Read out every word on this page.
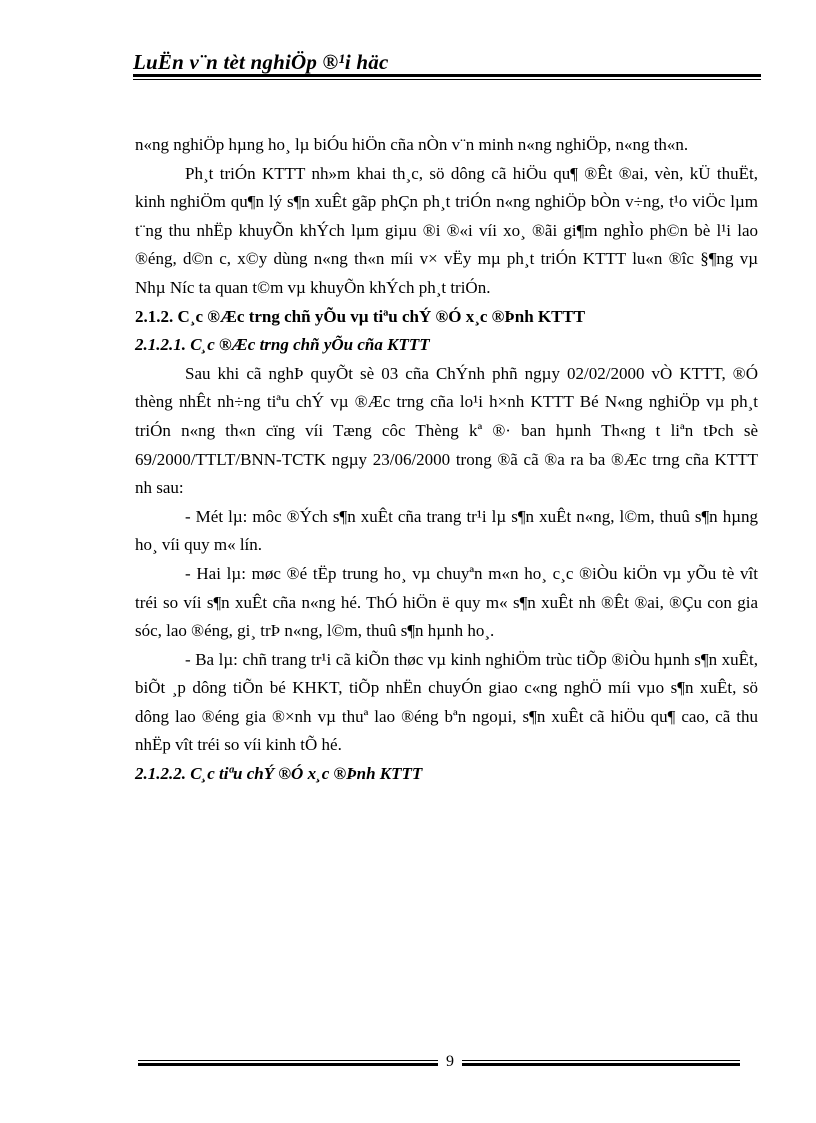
LuËn v¨n tèt nghiÖp ®¹i häc

n«ng nghiÖp hµng ho¸ lµ biÓu hiÖn cña nÒn v¨n minh n«ng nghiÖp, n«ng th«n.

Ph¸t triÓn KTTT nh»m khai th¸c, sö dông cã hiÖu qu¶ ®Êt ®ai, vèn, kÜ thuËt, kinh nghiÖm qu¶n lý s¶n xuÊt gãp phÇn ph¸t triÓn n«ng nghiÖp bÒn v÷ng, t¹o viÖc lµm t¨ng thu nhËp khuyÕn khÝch lµm giµu ®i ®«i víi xo¸ ®ãi gi¶m nghÌo ph©n bè l¹i lao ®éng, d©n c, x©y dùng n«ng th«n míi v× vËy mµ ph¸t triÓn KTTT lu«n ®îc §¶ng vµ Nhµ Níc ta quan t©m vµ khuyÕn khÝch ph¸t triÓn.

2.1.2. C¸c ®Æc trng chñ yÕu vµ tiªu chÝ ®Ó x¸c ®Þnh KTTT

2.1.2.1. C¸c ®Æc trng chñ yÕu cña KTTT

Sau khi cã nghÞ quyÕt sè 03 cña ChÝnh phñ ngµy 02/02/2000 vÒ KTTT, ®Ó thèng nhÊt nh÷ng tiªu chÝ vµ ®Æc trng cña lo¹i h×nh KTTT Bé N«ng nghiÖp vµ ph¸t triÓn n«ng th«n cïng víi Tæng côc Thèng kª ®· ban hµnh Th«ng t liªn tÞch sè 69/2000/TTLT/BNN-TCTK ngµy 23/06/2000 trong ®ã cã ®a ra ba ®Æc trng cña KTTT nh sau:

- Mét lµ: môc ®Ých s¶n xuÊt cña trang tr¹i lµ s¶n xuÊt n«ng, l©m, thuû s¶n hµng ho¸ víi quy m« lín.

- Hai lµ: møc ®é tËp trung ho¸ vµ chuyªn m«n ho¸ c¸c ®iÒu kiÖn vµ yÕu tè vît tréi so víi s¶n xuÊt cña n«ng hé. ThÓ hiÖn ë quy m« s¶n xuÊt nh ®Êt ®ai, ®Çu con gia sóc, lao ®éng, gi¸ trÞ n«ng, l©m, thuû s¶n hµnh ho¸.

- Ba lµ: chñ trang tr¹i cã kiÕn thøc vµ kinh nghiÖm trùc tiÕp ®iÒu hµnh s¶n xuÊt, biÕt ¸p dông tiÕn bé KHKT, tiÕp nhËn chuyÓn giao c«ng nghÖ míi vµo s¶n xuÊt, sö dông lao ®éng gia ®×nh vµ thuª lao ®éng bªn ngoµi, s¶n xuÊt cã hiÖu qu¶ cao, cã thu nhËp vît tréi so víi kinh tÕ hé.

2.1.2.2. C¸c tiªu chÝ ®Ó x¸c ®Þnh KTTT

9
